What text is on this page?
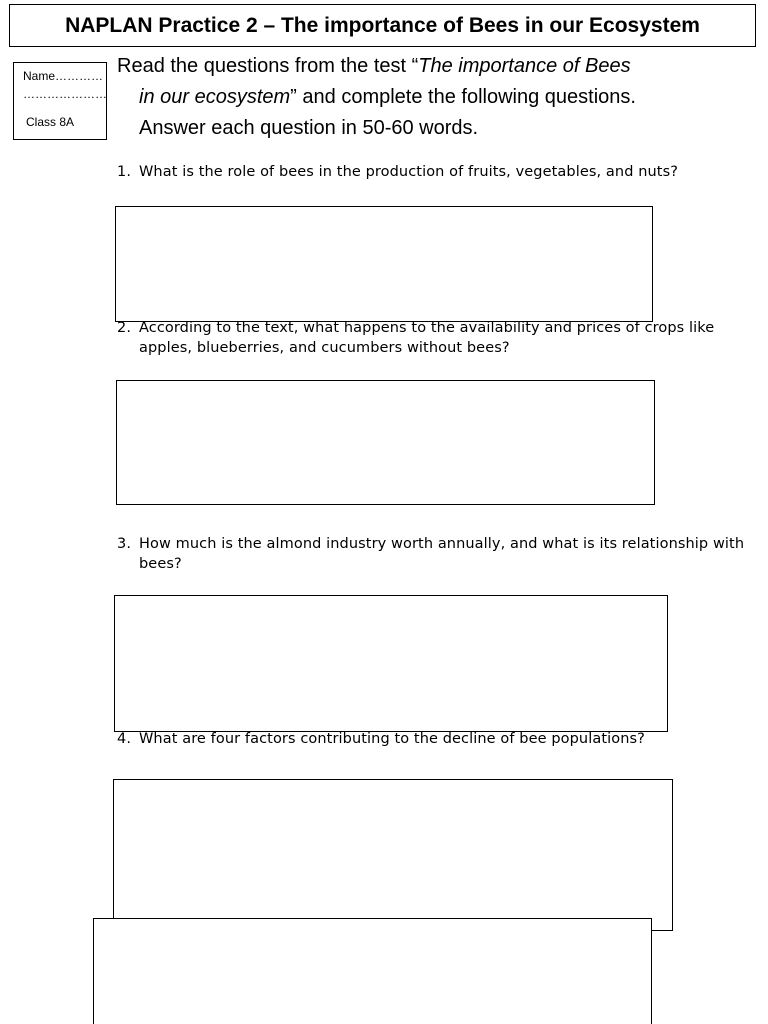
NAPLAN Practice 2 – The importance of Bees in our Ecosystem
Name…………
…………………
Class 8A
Read the questions from the test “The importance of Bees
in our ecosystem” and complete the following questions.
Answer each question in 50-60 words.
1. What is the role of bees in the production of fruits, vegetables, and nuts?
2. According to the text, what happens to the availability and prices of crops like apples, blueberries, and cucumbers without bees?
3. How much is the almond industry worth annually, and what is its relationship with bees?
4. What are four factors contributing to the decline of bee populations?
